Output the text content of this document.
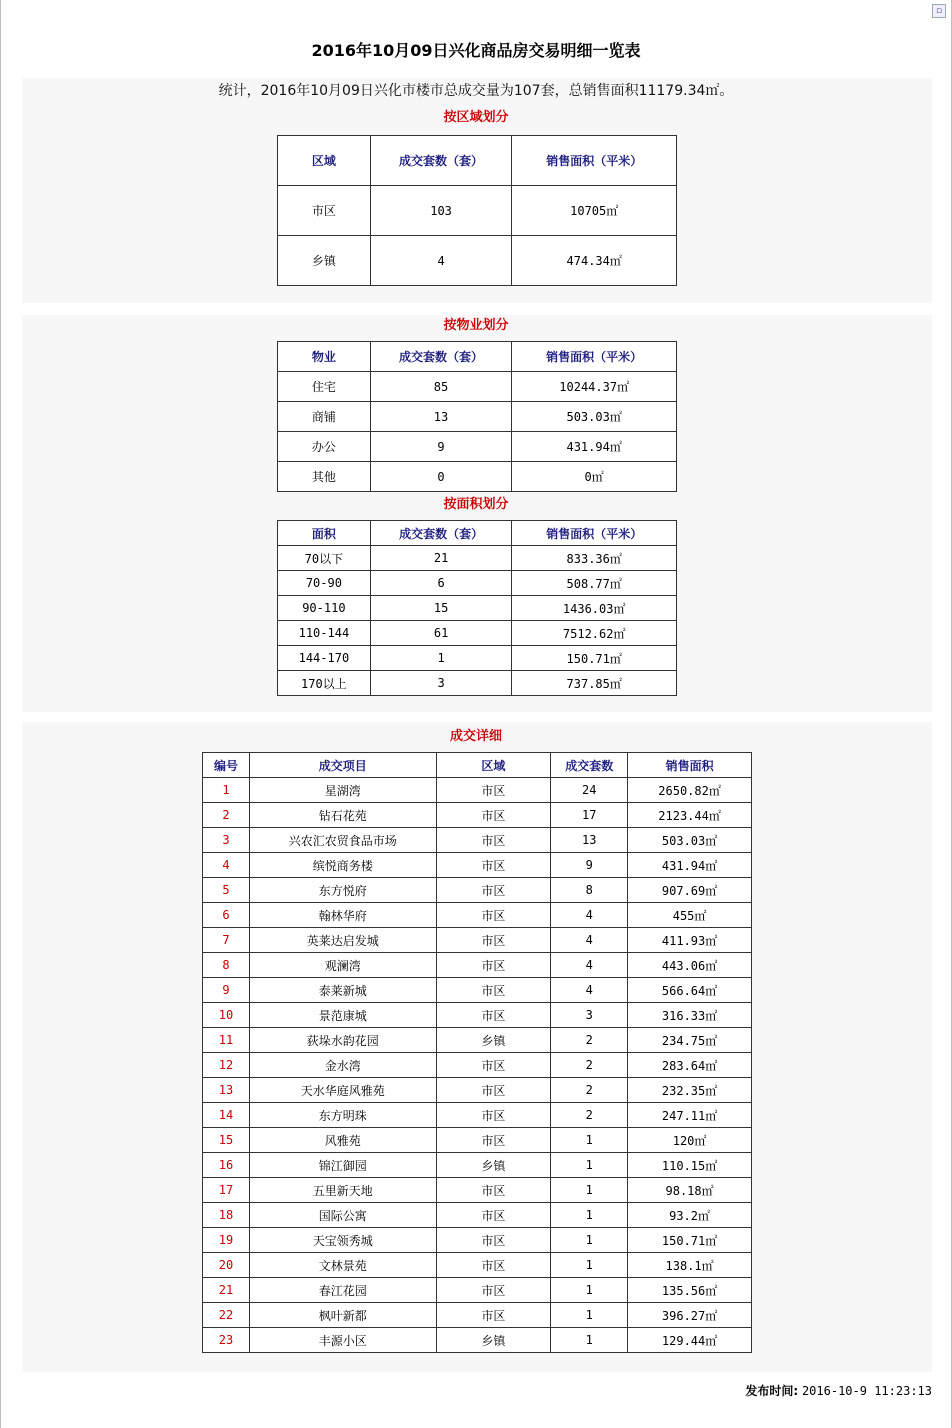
▫
2016年10月09日兴化商品房交易明细一览表
统计，2016年10月09日兴化市楼市总成交量为107套，总销售面积11179.34㎡。
按区域划分
区域	成交套数（套）	销售面积（平米）
市区	103	10705㎡
乡镇	4	474.34㎡
按物业划分
物业	成交套数（套）	销售面积（平米）
住宅	85	10244.37㎡
商铺	13	503.03㎡
办公	9	431.94㎡
其他	0	0㎡
按面积划分
面积	成交套数（套）	销售面积（平米）
70以下	21	833.36㎡
70-90	6	508.77㎡
90-110	15	1436.03㎡
110-144	61	7512.62㎡
144-170	1	150.71㎡
170以上	3	737.85㎡
成交详细
编号	成交项目	区域	成交套数	销售面积
1	星湖湾	市区	24	2650.82㎡
2	钻石花苑	市区	17	2123.44㎡
3	兴农汇农贸食品市场	市区	13	503.03㎡
4	缤悦商务楼	市区	9	431.94㎡
5	东方悦府	市区	8	907.69㎡
6	翰林华府	市区	4	455㎡
7	英莱达启发城	市区	4	411.93㎡
8	观澜湾	市区	4	443.06㎡
9	泰莱新城	市区	4	566.64㎡
10	景范康城	市区	3	316.33㎡
11	荻垛水韵花园	乡镇	2	234.75㎡
12	金水湾	市区	2	283.64㎡
13	天水华庭风雅苑	市区	2	232.35㎡
14	东方明珠	市区	2	247.11㎡
15	风雅苑	市区	1	120㎡
16	锦江御园	乡镇	1	110.15㎡
17	五里新天地	市区	1	98.18㎡
18	国际公寓	市区	1	93.2㎡
19	天宝领秀城	市区	1	150.71㎡
20	文林景苑	市区	1	138.1㎡
21	春江花园	市区	1	135.56㎡
22	枫叶新都	市区	1	396.27㎡
23	丰源小区	乡镇	1	129.44㎡
发布时间: 2016-10-9 11:23:13
